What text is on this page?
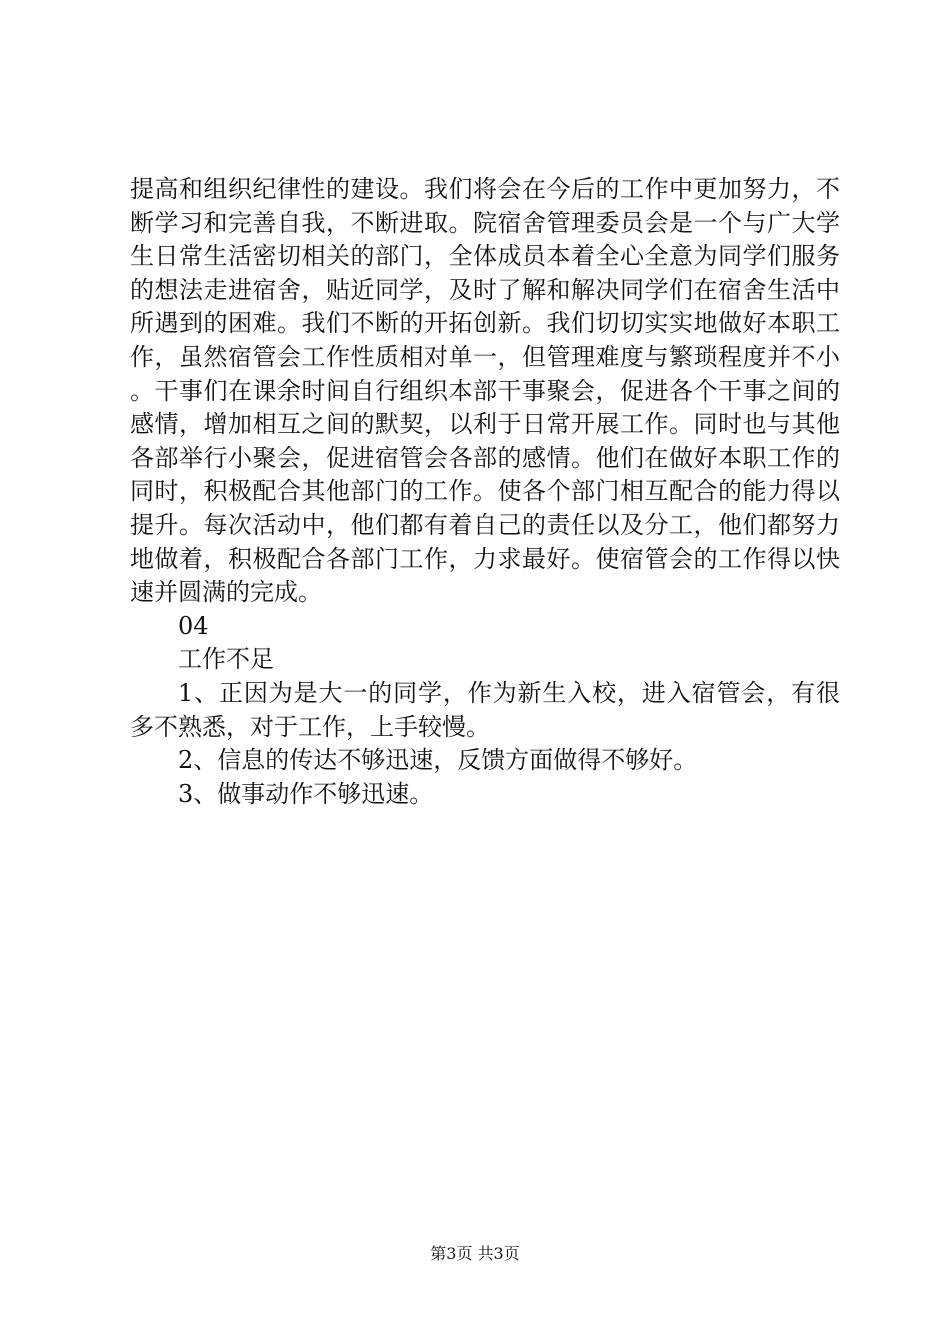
提高和组织纪律性的建设。我们将会在今后的工作中更加努力，不断学习和完善自我，不断进取。院宿舍管理委员会是一个与广大学生日常生活密切相关的部门，全体成员本着全心全意为同学们服务的想法走进宿舍，贴近同学，及时了解和解决同学们在宿舍生活中所遇到的困难。我们不断的开拓创新。我们切切实实地做好本职工作，虽然宿管会工作性质相对单一，但管理难度与繁琐程度并不小。干事们在课余时间自行组织本部干事聚会，促进各个干事之间的感情，增加相互之间的默契，以利于日常开展工作。同时也与其他各部举行小聚会，促进宿管会各部的感情。他们在做好本职工作的同时，积极配合其他部门的工作。使各个部门相互配合的能力得以提升。每次活动中，他们都有着自己的责任以及分工，他们都努力地做着，积极配合各部门工作，力求最好。使宿管会的工作得以快速并圆满的完成。

04

工作不足

1、正因为是大一的同学，作为新生入校，进入宿管会，有很多不熟悉，对于工作，上手较慢。

2、信息的传达不够迅速，反馈方面做得不够好。

3、做事动作不够迅速。

第3页 共3页
